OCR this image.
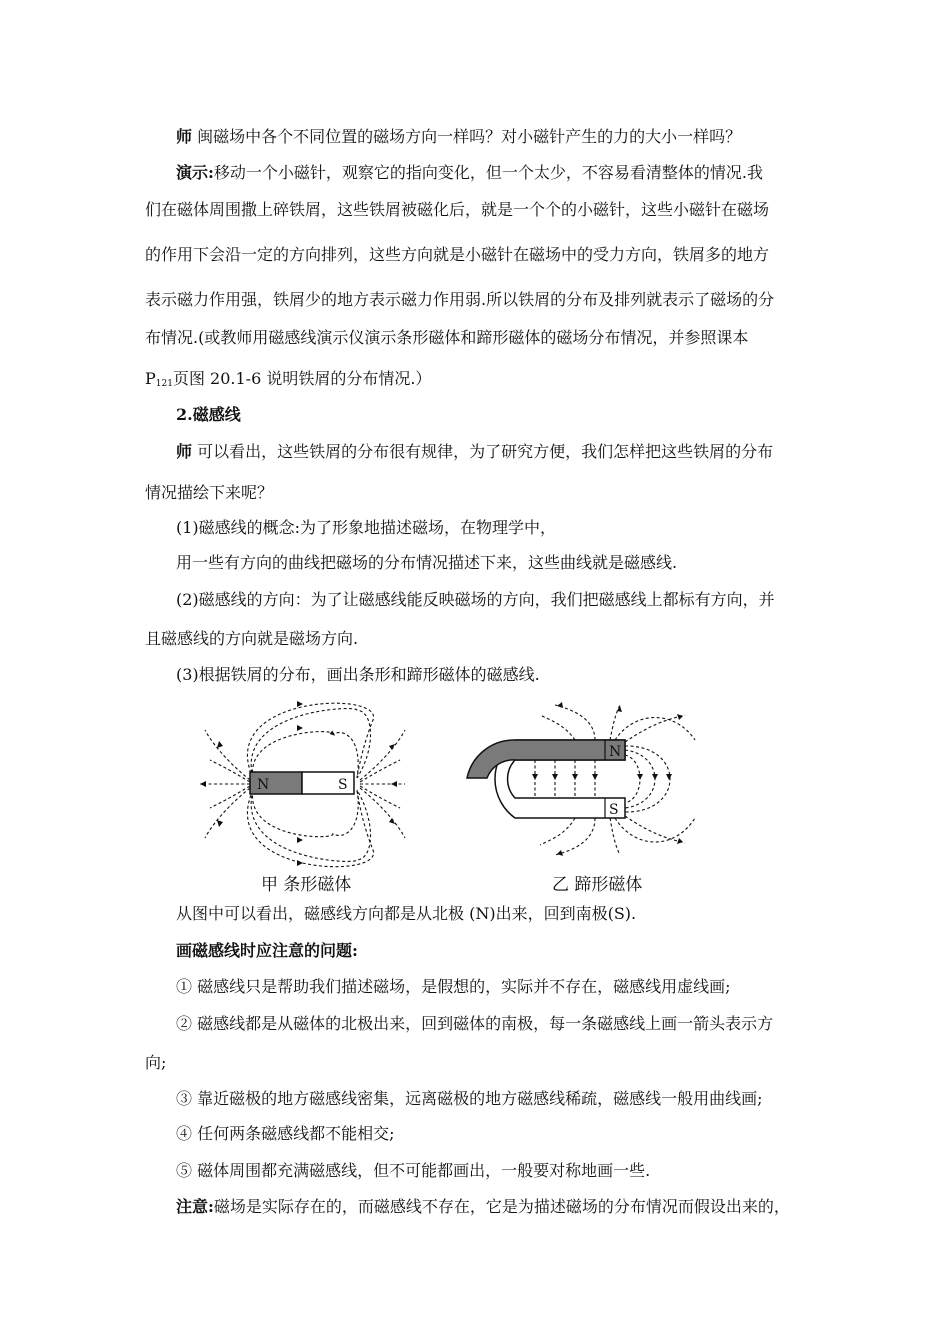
师 闽磁场中各个不同位置的磁场方向一样吗？对小磁针产生的力的大小一样吗？
演示:移动一个小磁针，观察它的指向变化，但一个太少，不容易看清整体的情况.我
们在磁体周围撒上碎铁屑，这些铁屑被磁化后，就是一个个的小磁针，这些小磁针在磁场
的作用下会沿一定的方向排列，这些方向就是小磁针在磁场中的受力方向，铁屑多的地方
表示磁力作用强，铁屑少的地方表示磁力作用弱.所以铁屑的分布及排列就表示了磁场的分
布情况.(或教师用磁感线演示仪演示条形磁体和蹄形磁体的磁场分布情况，并参照课本
$P_{121}$页图 20.1-6 说明铁屑的分布情况.）
2.磁感线
师 可以看出，这些铁屑的分布很有规律，为了研究方便，我们怎样把这些铁屑的分布
情况描绘下来呢？
(1)磁感线的概念:为了形象地描述磁场，在物理学中，
用一些有方向的曲线把磁场的分布情况描述下来，这些曲线就是磁感线.
(2)磁感线的方向：为了让磁感线能反映磁场的方向，我们把磁感线上都标有方向，并
且磁感线的方向就是磁场方向.
(3)根据铁屑的分布，画出条形和蹄形磁体的磁感线.
N	S
N
S
甲 条形磁体	乙 蹄形磁体
从图中可以看出，磁感线方向都是从北极 (N)出来，回到南极(S).
画磁感线时应注意的问题:
① 磁感线只是帮助我们描述磁场，是假想的，实际并不存在，磁感线用虚线画;
② 磁感线都是从磁体的北极出来，回到磁体的南极，每一条磁感线上画一箭头表示方
向;
③ 靠近磁极的地方磁感线密集，远离磁极的地方磁感线稀疏，磁感线一般用曲线画;
④ 任何两条磁感线都不能相交;
⑤ 磁体周围都充满磁感线，但不可能都画出，一般要对称地画一些.
注意:磁场是实际存在的，而磁感线不存在，它是为描述磁场的分布情况而假设出来的，
